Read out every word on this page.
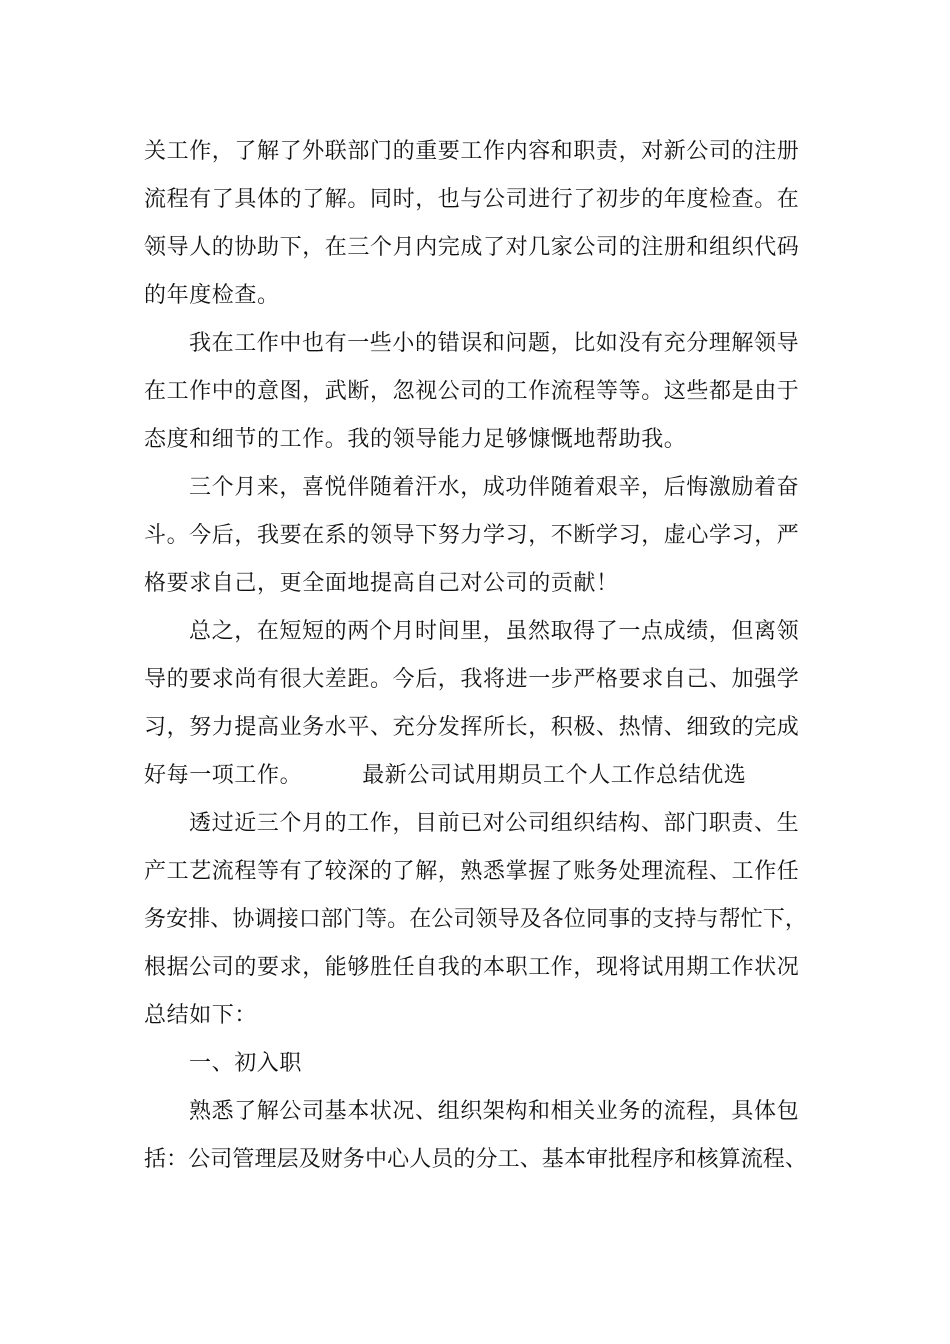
关工作，了解了外联部门的重要工作内容和职责，对新公司的注册
流程有了具体的了解。同时，也与公司进行了初步的年度检查。在
领导人的协助下，在三个月内完成了对几家公司的注册和组织代码
的年度检查。
我在工作中也有一些小的错误和问题，比如没有充分理解领导
在工作中的意图，武断，忽视公司的工作流程等等。这些都是由于
态度和细节的工作。我的领导能力足够慷慨地帮助我。
三个月来，喜悦伴随着汗水，成功伴随着艰辛，后悔激励着奋
斗。今后，我要在系的领导下努力学习，不断学习，虚心学习，严
格要求自己，更全面地提高自己对公司的贡献！
总之，在短短的两个月时间里，虽然取得了一点成绩，但离领
导的要求尚有很大差距。今后，我将进一步严格要求自己、加强学
习，努力提高业务水平、充分发挥所长，积极、热情、细致的完成
好每一项工作。	最新公司试用期员工个人工作总结优选
透过近三个月的工作，目前已对公司组织结构、部门职责、生
产工艺流程等有了较深的了解，熟悉掌握了账务处理流程、工作任
务安排、协调接口部门等。在公司领导及各位同事的支持与帮忙下，
根据公司的要求，能够胜任自我的本职工作，现将试用期工作状况
总结如下：
一、初入职
熟悉了解公司基本状况、组织架构和相关业务的流程，具体包
括：公司管理层及财务中心人员的分工、基本审批程序和核算流程、
